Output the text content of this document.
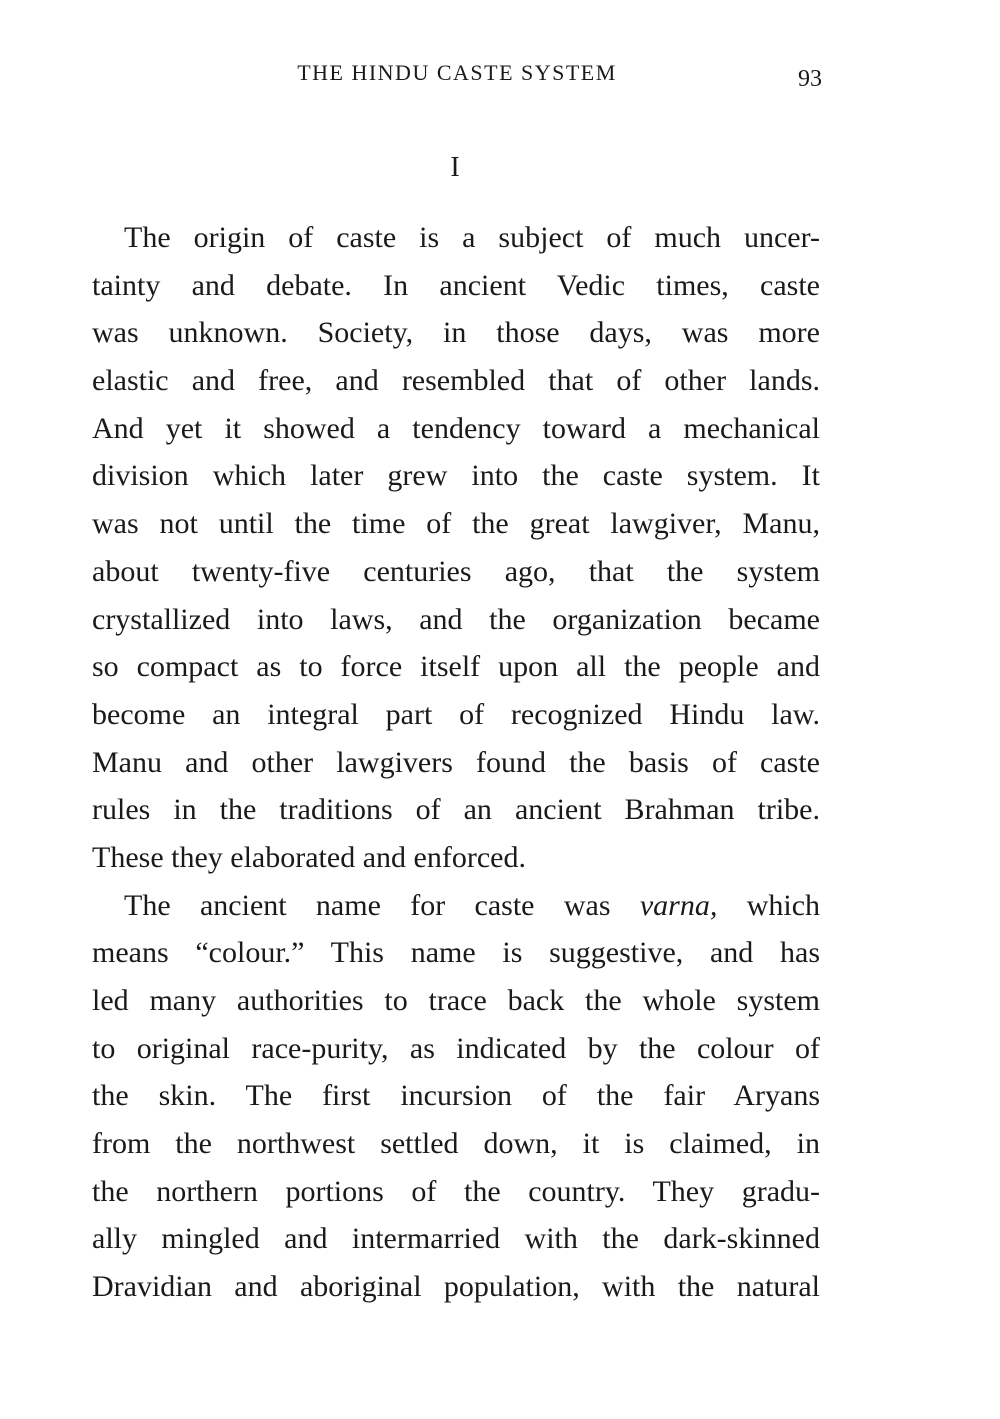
THE HINDU CASTE SYSTEM	93
I
The origin of caste is a subject of much uncer-
tainty and debate. In ancient Vedic times, caste
was unknown. Society, in those days, was more
elastic and free, and resembled that of other lands.
And yet it showed a tendency toward a mechanical
division which later grew into the caste system. It
was not until the time of the great lawgiver, Manu,
about twenty-five centuries ago, that the system
crystallized into laws, and the organization became
so compact as to force itself upon all the people and
become an integral part of recognized Hindu law.
Manu and other lawgivers found the basis of caste
rules in the traditions of an ancient Brahman tribe.
These they elaborated and enforced.
The ancient name for caste was varna, which
means “colour.” This name is suggestive, and has
led many authorities to trace back the whole system
to original race-purity, as indicated by the colour of
the skin. The first incursion of the fair Aryans
from the northwest settled down, it is claimed, in
the northern portions of the country. They gradu-
ally mingled and intermarried with the dark-skinned
Dravidian and aboriginal population, with the natural
